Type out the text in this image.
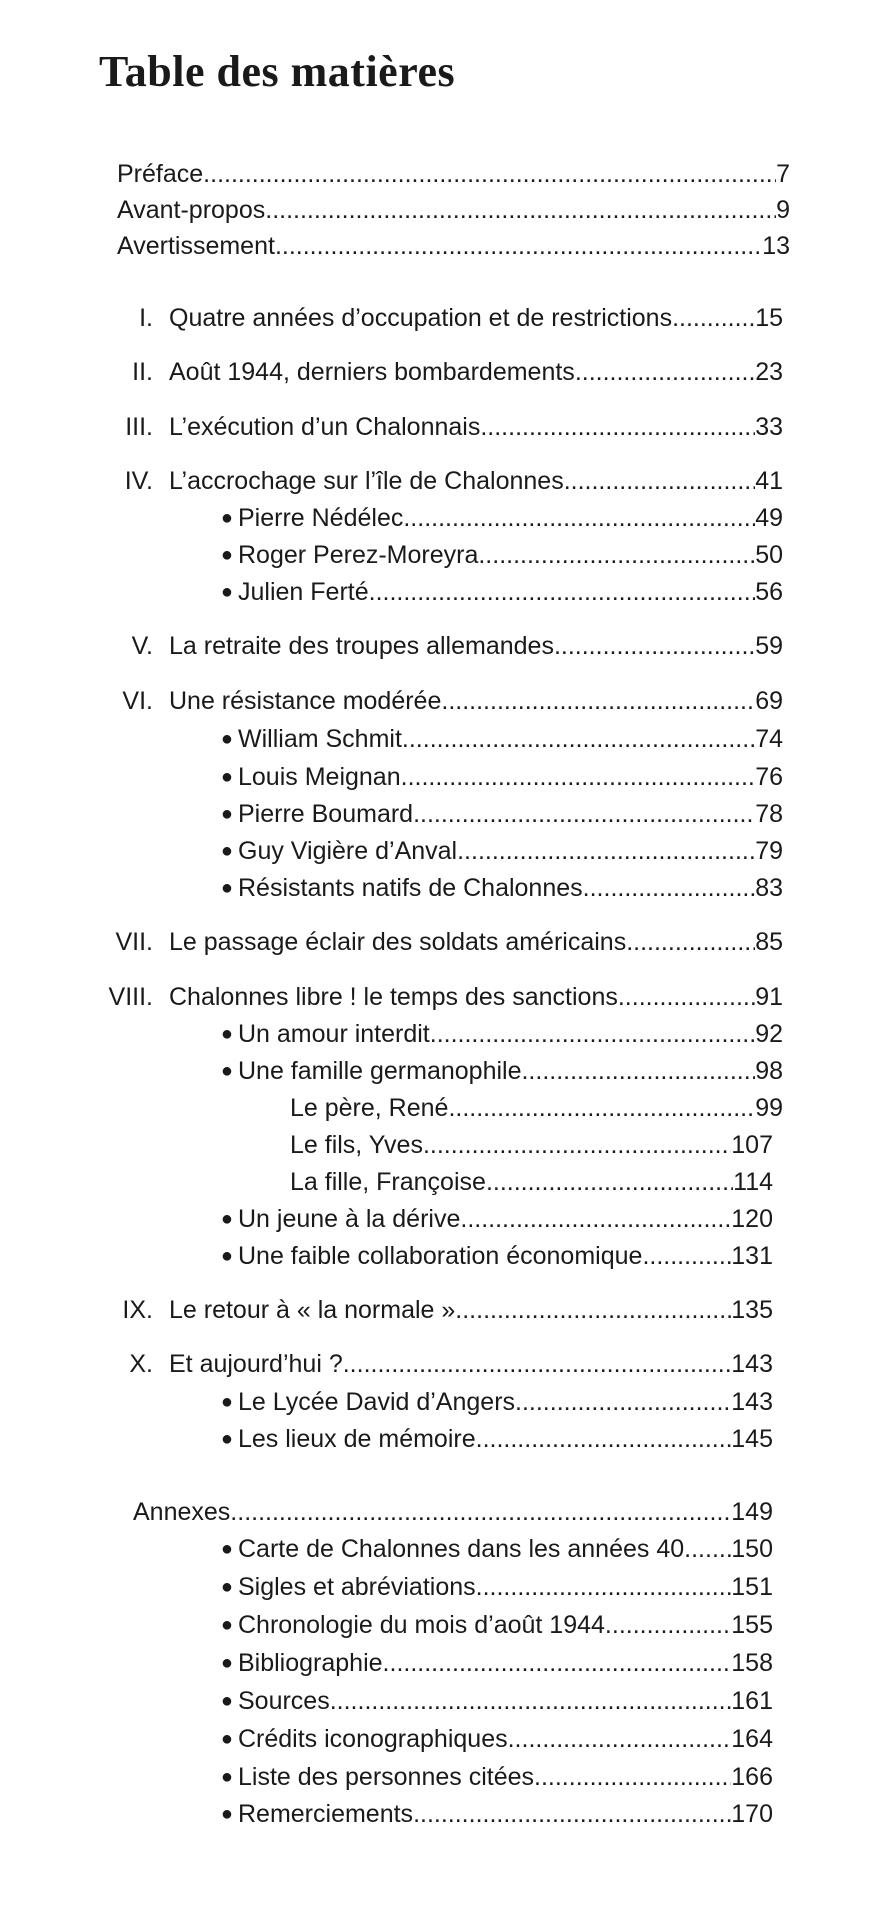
Table des matières
Préface .....	7
Avant-propos .....	9
Avertissement .....	13
I. Quatre années d’occupation et de restrictions .....	15
II. Août 1944, derniers bombardements .....	23
III. L’exécution d’un Chalonnais .....	33
IV. L’accrochage sur l’île de Chalonnes .....	41
● Pierre Nédélec .....	49
● Roger Perez-Moreyra .....	50
● Julien Ferté .....	56
V. La retraite des troupes allemandes .....	59
VI. Une résistance modérée .....	69
● William Schmit .....	74
● Louis Meignan .....	76
● Pierre Boumard .....	78
● Guy Vigière d’Anval .....	79
● Résistants natifs de Chalonnes .....	83
VII. Le passage éclair des soldats américains .....	85
VIII. Chalonnes libre ! le temps des sanctions .....	91
● Un amour interdit .....	92
● Une famille germanophile .....	98
Le père, René .....	99
Le fils, Yves .....	107
La fille, Françoise .....	114
● Un jeune à la dérive .....	120
● Une faible collaboration économique .....	131
IX. Le retour à « la normale » .....	135
X. Et aujourd’hui ? .....	143
● Le Lycée David d’Angers .....	143
● Les lieux de mémoire .....	145
Annexes .....	149
● Carte de Chalonnes dans les années 40 ..... 150
● Sigles et abréviations .....	151
● Chronologie du mois d’août 1944 .....	155
● Bibliographie .....	158
● Sources .....	161
● Crédits iconographiques .....	164
● Liste des personnes citées .....	166
● Remerciements .....	170
